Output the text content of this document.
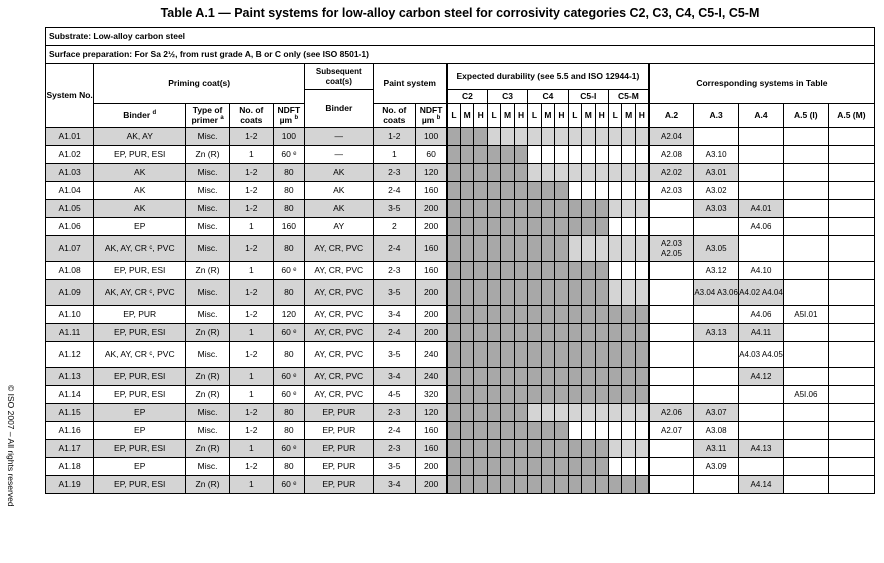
Table A.1 — Paint systems for low-alloy carbon steel for corrosivity categories C2, C3, C4, C5-I, C5-M
© ISO 2007 – All rights reserved
Substrate: Low-alloy carbon steel																											
Surface preparation: For Sa 2½, from rust grade A, B or C only (see ISO 8501-1)																											
System No.	Priming coat(s)				Subsequent coat(s)	Paint system		Expected durability (see 5.5 and ISO 12944-1)															Corresponding systems in Table				
					Binder			C2			C3			C4			C5-I			C5-M							
	Binder $^d$	Type of primer $^a$	No. of coats	NDFT µm $^b$		No. of coats	NDFT µm $^b$	L	M	H	L	M	H	L	M	H	L	M	H	L	M	H	A.2	A.3	A.4	A.5 (I)	A.5 (M)
A1.01	AK, AY	Misc.	1-2	100	—	1-2	100																A2.04				
A1.02	EP, PUR, ESI	Zn (R)	1	60 ᵉ	—	1	60																A2.08	A3.10			
A1.03	AK	Misc.	1-2	80	AK	2-3	120																A2.02	A3.01			
A1.04	AK	Misc.	1-2	80	AK	2-4	160																A2.03	A3.02			
A1.05	AK	Misc.	1-2	80	AK	3-5	200																	A3.03	A4.01		
A1.06	EP	Misc.	1	160	AY	2	200																		A4.06		
A1.07	AK, AY, CR ᶜ, PVC	Misc.	1-2	80	AY, CR, PVC	2-4	160																A2.03 A2.05	A3.05			
A1.08	EP, PUR, ESI	Zn (R)	1	60 ᵉ	AY, CR, PVC	2-3	160																	A3.12	A4.10		
A1.09	AK, AY, CR ᶜ, PVC	Misc.	1-2	80	AY, CR, PVC	3-5	200																	A3.04 A3.06	A4.02 A4.04		
A1.10	EP, PUR	Misc.	1-2	120	AY, CR, PVC	3-4	200																		A4.06	A5I.01	
A1.11	EP, PUR, ESI	Zn (R)	1	60 ᵉ	AY, CR, PVC	2-4	200																	A3.13	A4.11		
A1.12	AK, AY, CR ᶜ, PVC	Misc.	1-2	80	AY, CR, PVC	3-5	240																		A4.03 A4.05		
A1.13	EP, PUR, ESI	Zn (R)	1	60 ᵉ	AY, CR, PVC	3-4	240																		A4.12		
A1.14	EP, PUR, ESI	Zn (R)	1	60 ᵉ	AY, CR, PVC	4-5	320																			A5I.06	
A1.15	EP	Misc.	1-2	80	EP, PUR	2-3	120																A2.06	A3.07			
A1.16	EP	Misc.	1-2	80	EP, PUR	2-4	160																A2.07	A3.08			
A1.17	EP, PUR, ESI	Zn (R)	1	60 ᵉ	EP, PUR	2-3	160																	A3.11	A4.13		
A1.18	EP	Misc.	1-2	80	EP, PUR	3-5	200																	A3.09			
A1.19	EP, PUR, ESI	Zn (R)	1	60 ᵉ	EP, PUR	3-4	200																		A4.14		
